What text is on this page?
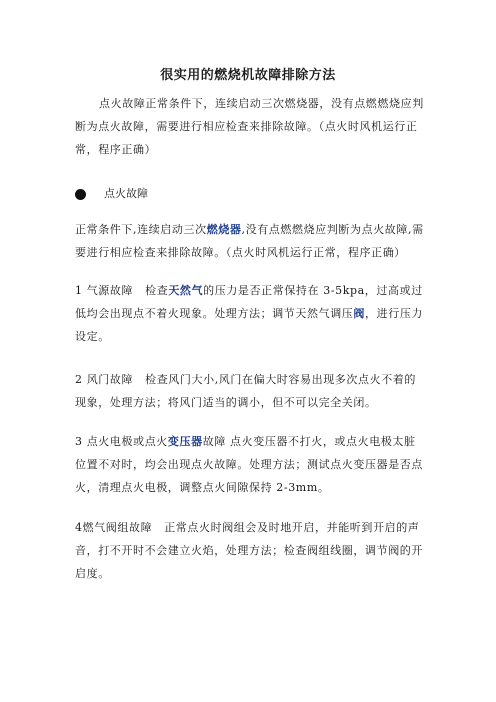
很实用的燃烧机故障排除方法
点火故障正常条件下，连续启动三次燃烧器，没有点燃燃烧应判断为点火故障，需要进行相应检查来排除故障。（点火时风机运行正常，程序正确）
点火故障
正常条件下,连续启动三次燃烧器,没有点燃燃烧应判断为点火故障,需要进行相应检查来排除故障。（点火时风机运行正常，程序正确）
1 气源故障 检查天然气的压力是否正常保持在 3-5kpa，过高或过低均会出现点不着火现象。处理方法；调节天然气调压阀，进行压力设定。
2 风门故障 检查风门大小,风门在偏大时容易出现多次点火不着的现象，处理方法；将风门适当的调小，但不可以完全关闭。
3 点火电极或点火变压器故障 点火变压器不打火，或点火电极太脏位置不对时，均会出现点火故障。处理方法；测试点火变压器是否点火，清理点火电极，调整点火间隙保持 2-3mm。
4燃气阀组故障 正常点火时阀组会及时地开启，并能听到开启的声音，打不开时不会建立火焰，处理方法；检查阀组线圈，调节阀的开启度。
